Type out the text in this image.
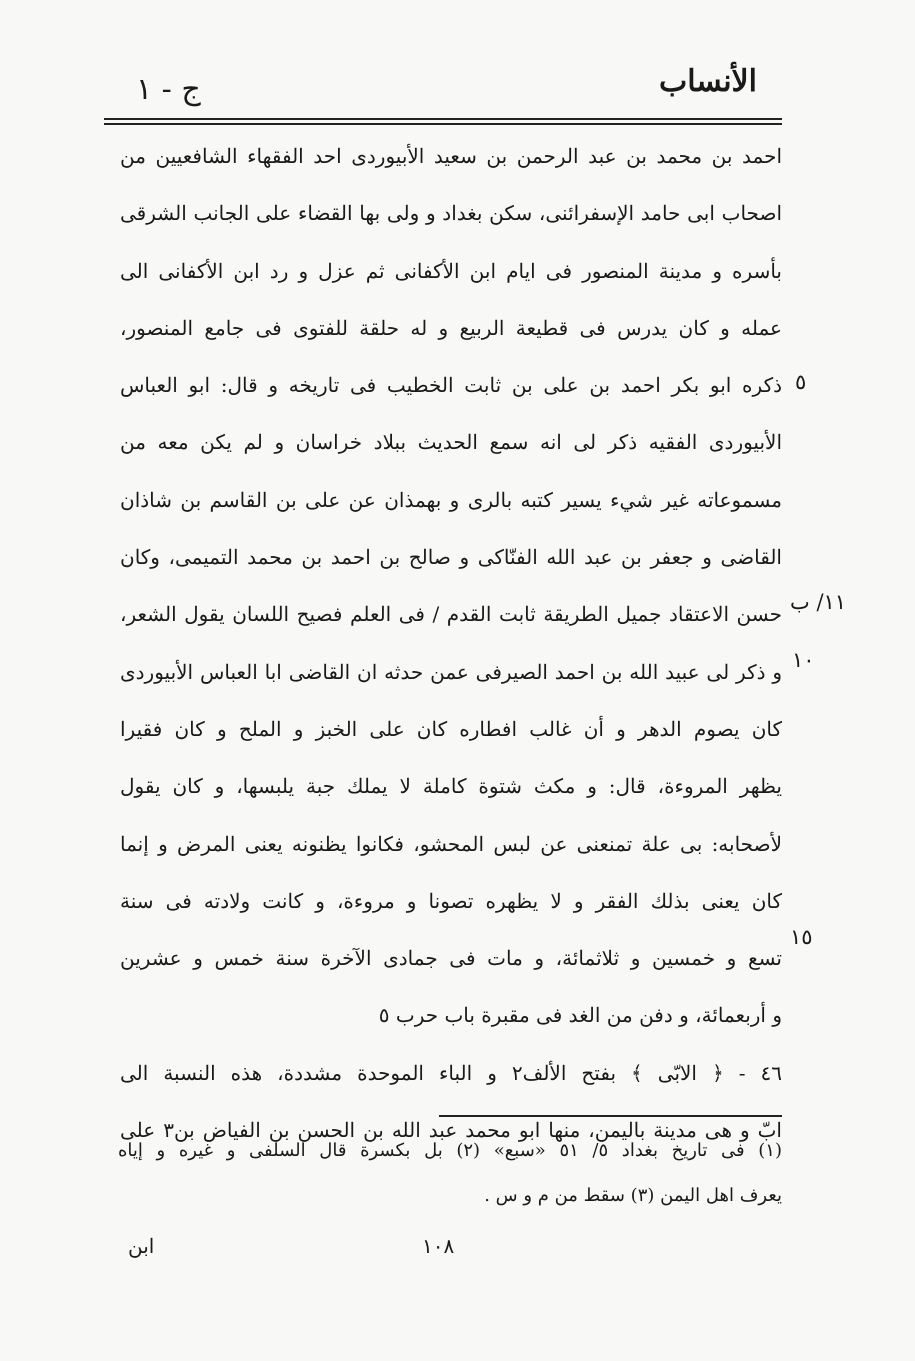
الأنساب
ج - ١
احمد بن محمد بن عبد الرحمن بن سعيد الأبيوردى احد الفقهاء الشافعيين من
اصحاب ابى حامد الإسفرائنى، سكن بغداد و ولى بها القضاء على الجانب الشرقى
بأسره و مدينة المنصور فى ايام ابن الأكفانى ثم عزل و رد ابن الأكفانى الى
عمله و كان يدرس فى قطيعة الربيع و له حلقة للفتوى فى جامع المنصور،
ذكره ابو بكر احمد بن على بن ثابت الخطيب فى تاريخه و قال: ابو العباس
الأبيوردى الفقيه ذكر لى انه سمع الحديث ببلاد خراسان و لم يكن معه من
مسموعاته غير شيء يسير كتبه بالرى و بهمذان عن على بن القاسم بن شاذان
القاضى و جعفر بن عبد الله الفنّاكى و صالح بن احمد بن محمد التميمى، وكان
حسن الاعتقاد جميل الطريقة ثابت القدم / فى العلم فصيح اللسان يقول الشعر،
و ذكر لى عبيد الله بن احمد الصيرفى عمن حدثه ان القاضى ابا العباس الأبيوردى
كان يصوم الدهر و أن غالب افطاره كان على الخبز و الملح و كان فقيرا
يظهر المروءة، قال: و مكث شتوة كاملة لا يملك جبة يلبسها، و كان يقول
لأصحابه: بى علة تمنعنى عن لبس المحشو، فكانوا يظنونه يعنى المرض و إنما
كان يعنى بذلك الفقر و لا يظهره تصونا و مروءة، و كانت ولادته فى سنة
تسع و خمسين و ثلاثمائة، و مات فى جمادى الآخرة سنة خمس و عشرين
و أربعمائة، و دفن من الغد فى مقبرة باب حرب ٥
٤٦ - ﴿ الابّى ﴾ بفتح الألف٢ و الباء الموحدة مشددة، هذه النسبة الى
ابّ و هى مدينة باليمن، منها ابو محمد عبد الله بن الحسن بن الفياض بن٣ على
٥
١١/ ب
١٠
١٥
(١) فى تاريخ بغداد ٥/ ٥١ «سبع» (٢) بل بكسرة قال السلفى و غيره و إياه
يعرف اهل اليمن (٣) سقط من م و س .
١٠٨
ابن
